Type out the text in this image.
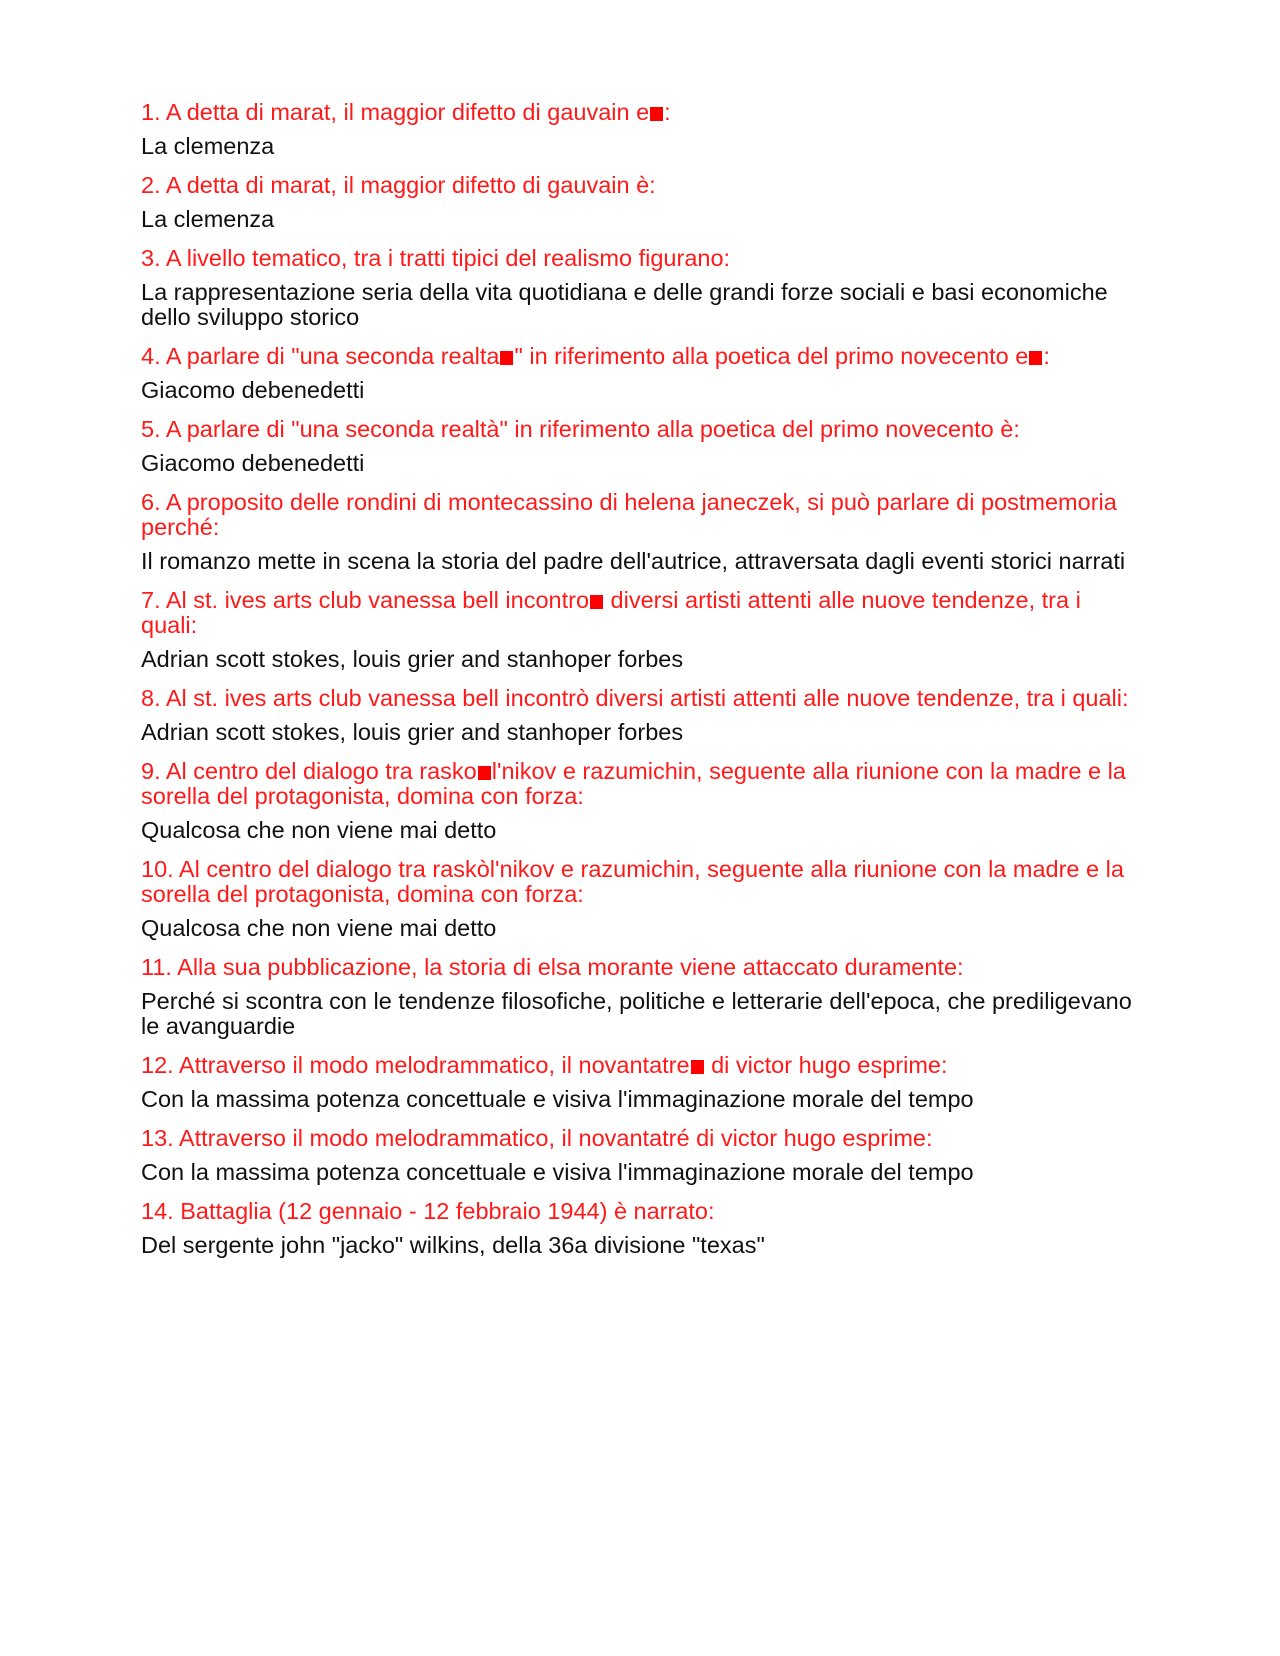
1. A detta di marat, il maggior difetto di gauvain e :

La clemenza

2. A detta di marat, il maggior difetto di gauvain è:

La clemenza

3. A livello tematico, tra i tratti tipici del realismo figurano:

La rappresentazione seria della vita quotidiana e delle grandi forze sociali e basi economiche dello sviluppo storico

4. A parlare di "una seconda realta " in riferimento alla poetica del primo novecento e :

Giacomo debenedetti

5. A parlare di "una seconda realtà" in riferimento alla poetica del primo novecento è:

Giacomo debenedetti

6. A proposito delle rondini di montecassino di helena janeczek, si può parlare di postmemoria perché:

Il romanzo mette in scena la storia del padre dell'autrice, attraversata dagli eventi storici narrati

7. Al st. ives arts club vanessa bell incontro diversi artisti attenti alle nuove tendenze, tra i quali:

Adrian scott stokes, louis grier and stanhoper forbes

8. Al st. ives arts club vanessa bell incontrò diversi artisti attenti alle nuove tendenze, tra i quali:

Adrian scott stokes, louis grier and stanhoper forbes

9. Al centro del dialogo tra rasko l'nikov e razumichin, seguente alla riunione con la madre e la sorella del protagonista, domina con forza:

Qualcosa che non viene mai detto

10. Al centro del dialogo tra raskòl'nikov e razumichin, seguente alla riunione con la madre e la sorella del protagonista, domina con forza:

Qualcosa che non viene mai detto

11. Alla sua pubblicazione, la storia di elsa morante viene attaccato duramente:

Perché si scontra con le tendenze filosofiche, politiche e letterarie dell'epoca, che prediligevano le avanguardie

12. Attraverso il modo melodrammatico, il novantatre di victor hugo esprime:

Con la massima potenza concettuale e visiva l'immaginazione morale del tempo

13. Attraverso il modo melodrammatico, il novantatré di victor hugo esprime:

Con la massima potenza concettuale e visiva l'immaginazione morale del tempo

14. Battaglia (12 gennaio - 12 febbraio 1944) è narrato:

Del sergente john "jacko" wilkins, della 36a divisione "texas"
